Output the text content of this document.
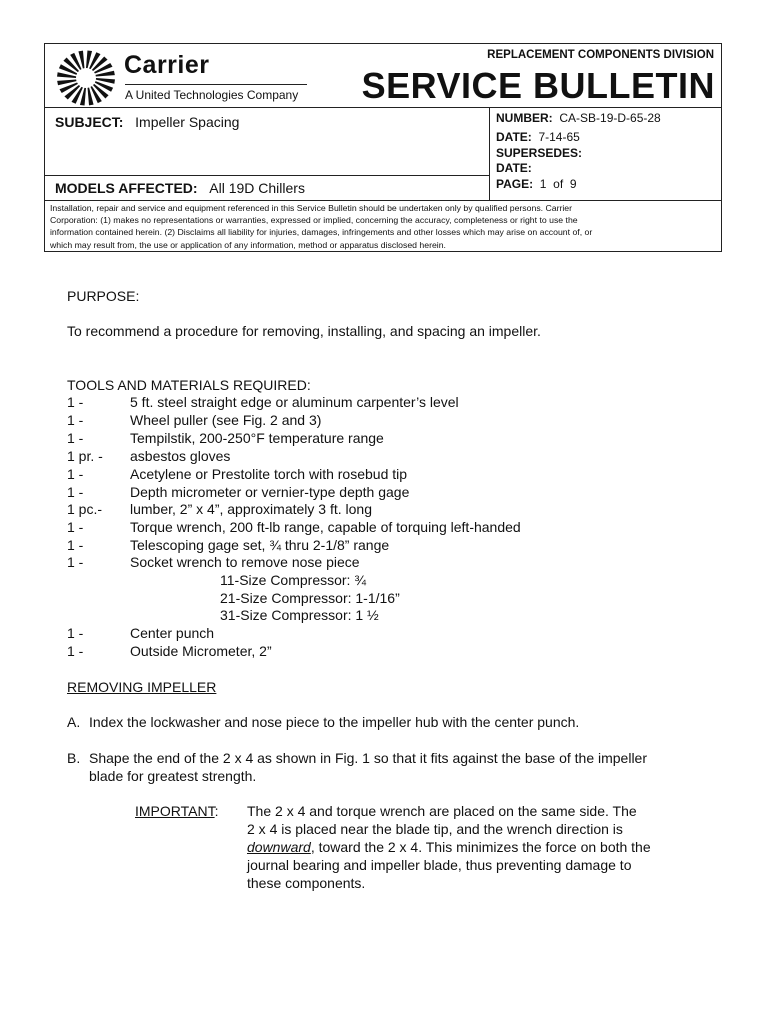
Carrier
A United Technologies Company
REPLACEMENT COMPONENTS DIVISION
SERVICE BULLETIN
SUBJECT: Impeller Spacing
MODELS AFFECTED: All 19D Chillers
NUMBER: CA-SB-19-D-65-28
DATE: 7-14-65
SUPERSEDES:
DATE:
PAGE: 1 of 9
Installation, repair and service and equipment referenced in this Service Bulletin should be undertaken only by qualified persons. Carrier
Corporation: (1) makes no representations or warranties, expressed or implied, concerning the accuracy, completeness or right to use the
information contained herein. (2) Disclaims all liability for injuries, damages, infringements and other losses which may arise on account of, or
which may result from, the use or application of any information, method or apparatus disclosed herein.
PURPOSE:
To recommend a procedure for removing, installing, and spacing an impeller.
TOOLS AND MATERIALS REQUIRED:
1 -	5 ft. steel straight edge or aluminum carpenter’s level
1 -	Wheel puller (see Fig. 2 and 3)
1 -	Tempilstik, 200-250°F temperature range
1 pr. - asbestos gloves
1 -	Acetylene or Prestolite torch with rosebud tip
1 -	Depth micrometer or vernier-type depth gage
1 pc.- lumber, 2” x 4”, approximately 3 ft. long
1 -	Torque wrench, 200 ft-lb range, capable of torquing left-handed
1 -	Telescoping gage set, ¾ thru 2-1/8” range
1 -	Socket wrench to remove nose piece
11-Size Compressor: ¾
21-Size Compressor: 1-1/16”
31-Size Compressor: 1 ½
1 -	Center punch
1 -	Outside Micrometer, 2”
REMOVING IMPELLER
A. Index the lockwasher and nose piece to the impeller hub with the center punch.
B. Shape the end of the 2 x 4 as shown in Fig. 1 so that it fits against the base of the impeller
blade for greatest strength.
IMPORTANT: The 2 x 4 and torque wrench are placed on the same side. The
2 x 4 is placed near the blade tip, and the wrench direction is
downward, toward the 2 x 4. This minimizes the force on both the
journal bearing and impeller blade, thus preventing damage to
these components.
